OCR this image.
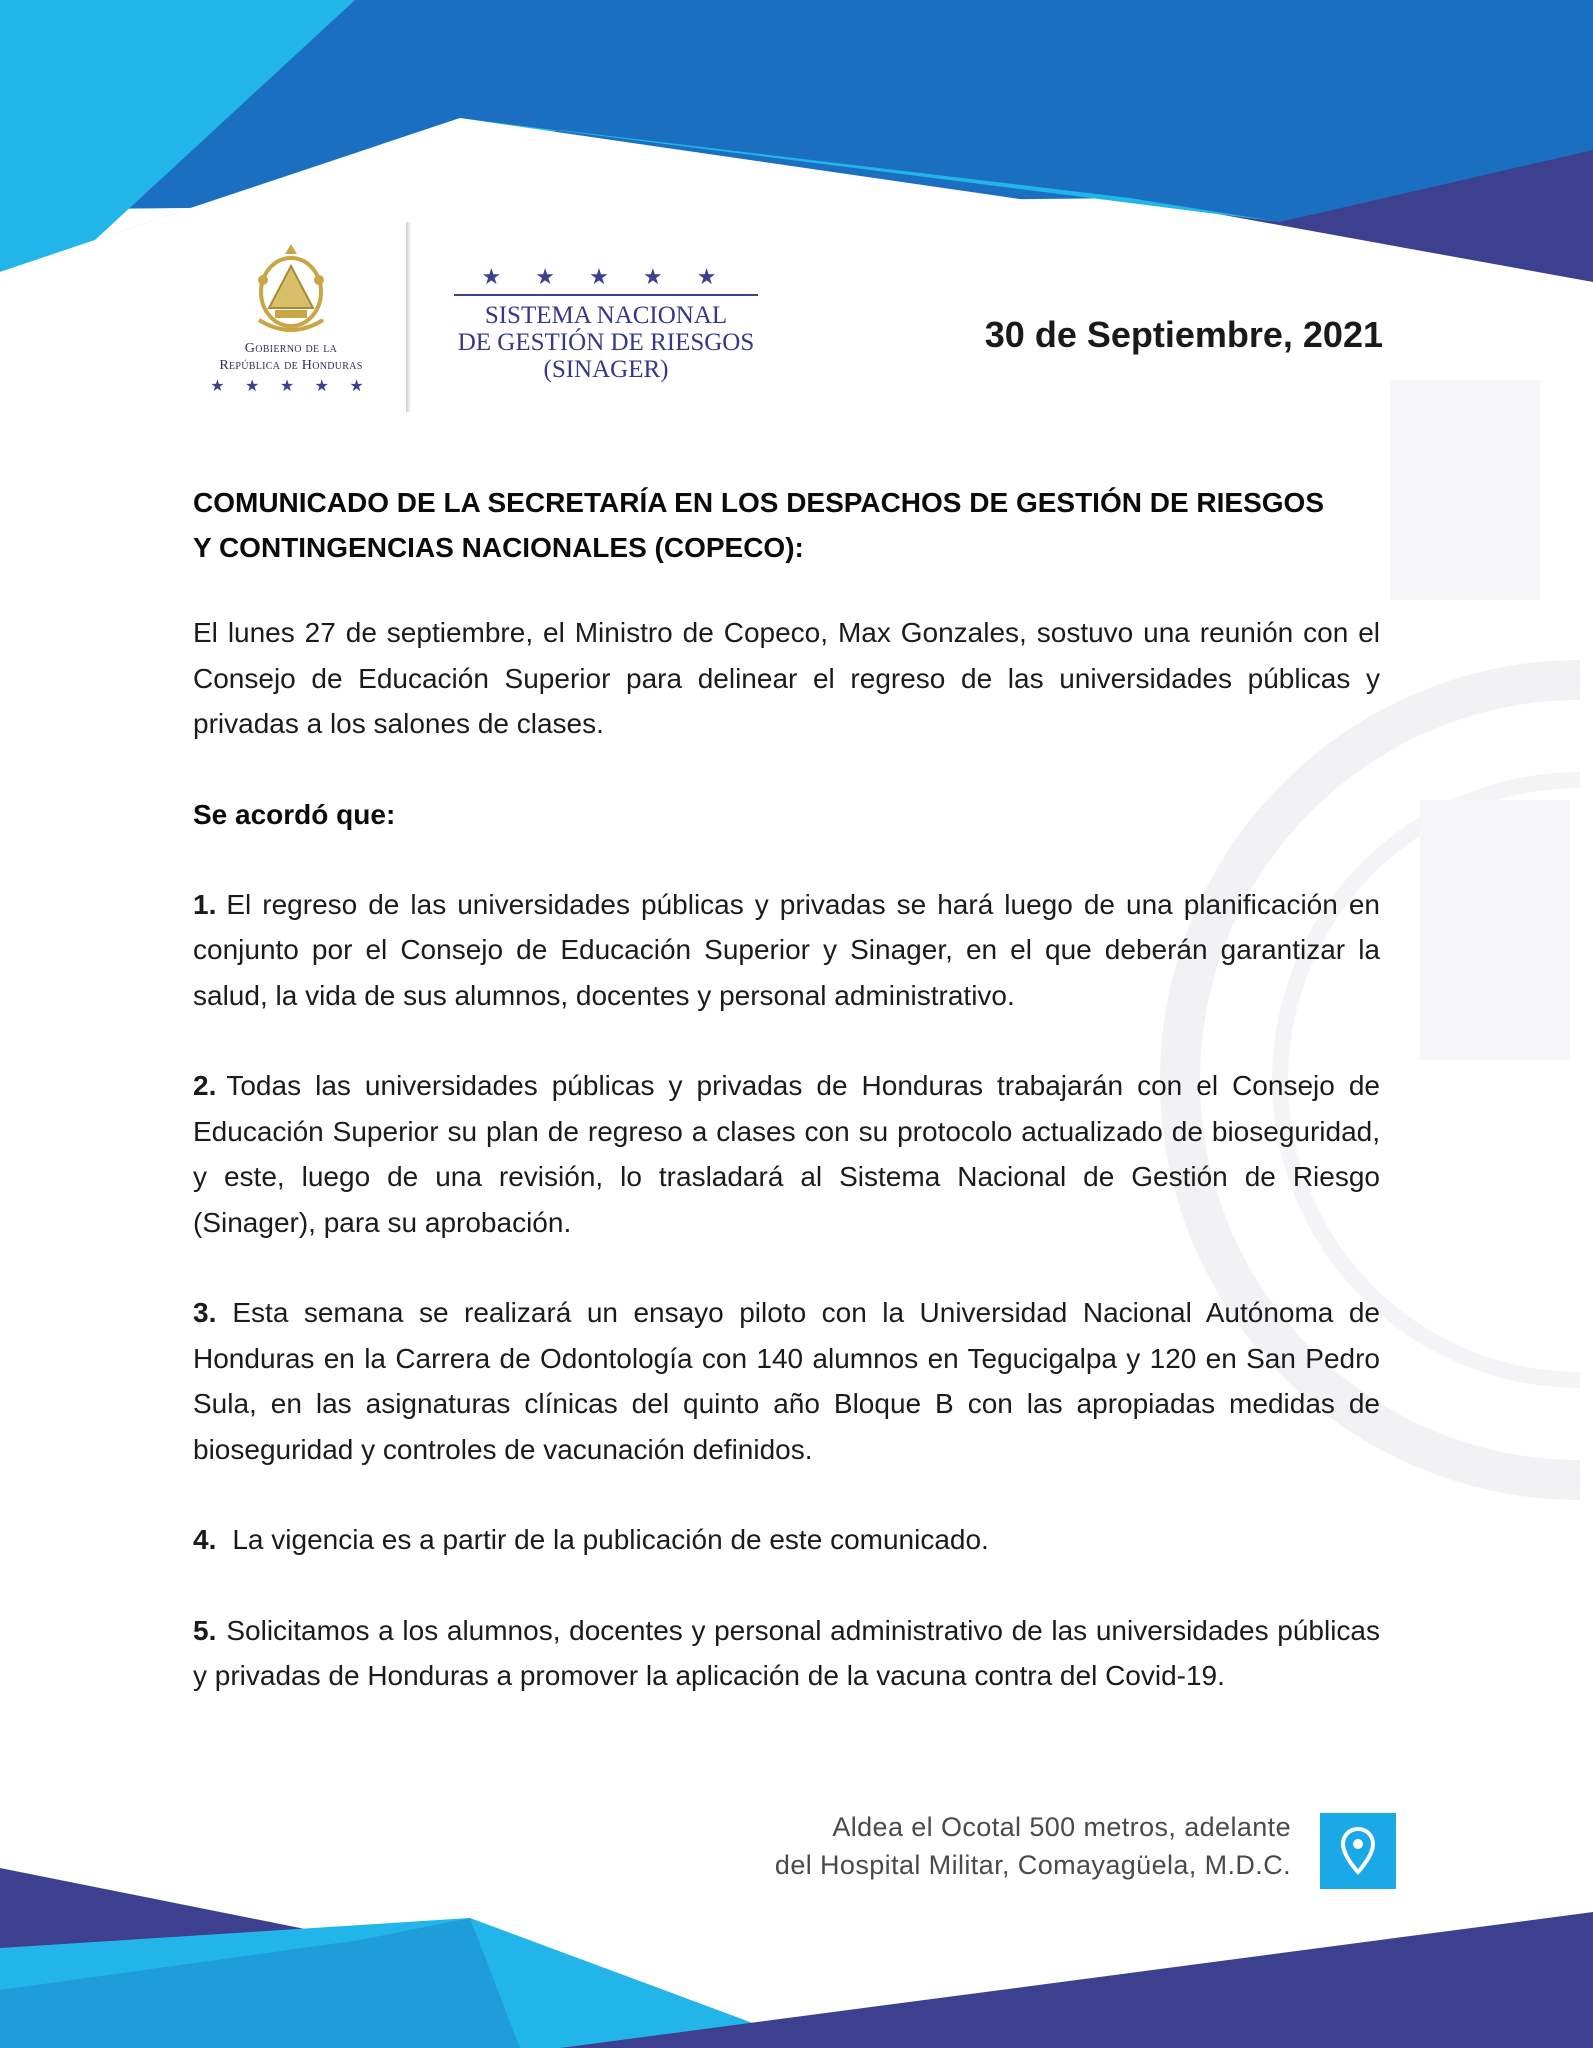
Gobierno de la
República de Honduras
★ ★ ★ ★ ★
★ ★ ★ ★ ★
SISTEMA NACIONAL
DE GESTIÓN DE RIESGOS
(SINAGER)
30 de Septiembre, 2021
COMUNICADO DE LA SECRETARÍA EN LOS DESPACHOS DE GESTIÓN DE RIESGOS
Y CONTINGENCIAS NACIONALES (COPECO):

El lunes 27 de septiembre, el Ministro de Copeco, Max Gonzales, sostuvo una reunión con el Consejo de Educación Superior para delinear el regreso de las universidades públicas y privadas a los salones de clases.

Se acordó que:

1. El regreso de las universidades públicas y privadas se hará luego de una planificación en conjunto por el Consejo de Educación Superior y Sinager, en el que deberán garantizar la salud, la vida de sus alumnos, docentes y personal administrativo.

2. Todas las universidades públicas y privadas de Honduras trabajarán con el Consejo de Educación Superior su plan de regreso a clases con su protocolo actualizado de bioseguridad, y este, luego de una revisión, lo trasladará al Sistema Nacional de Gestión de Riesgo (Sinager), para su aprobación.

3. Esta semana se realizará un ensayo piloto con la Universidad Nacional Autónoma de Honduras en la Carrera de Odontología con 140 alumnos en Tegucigalpa y 120 en San Pedro Sula, en las asignaturas clínicas del quinto año Bloque B con las apropiadas medidas de bioseguridad y controles de vacunación definidos.

4. La vigencia es a partir de la publicación de este comunicado.

5. Solicitamos a los alumnos, docentes y personal administrativo de las universidades públicas y privadas de Honduras a promover la aplicación de la vacuna contra del Covid-19.

Aldea el Ocotal 500 metros, adelante
del Hospital Militar, Comayagüela, M.D.C.
